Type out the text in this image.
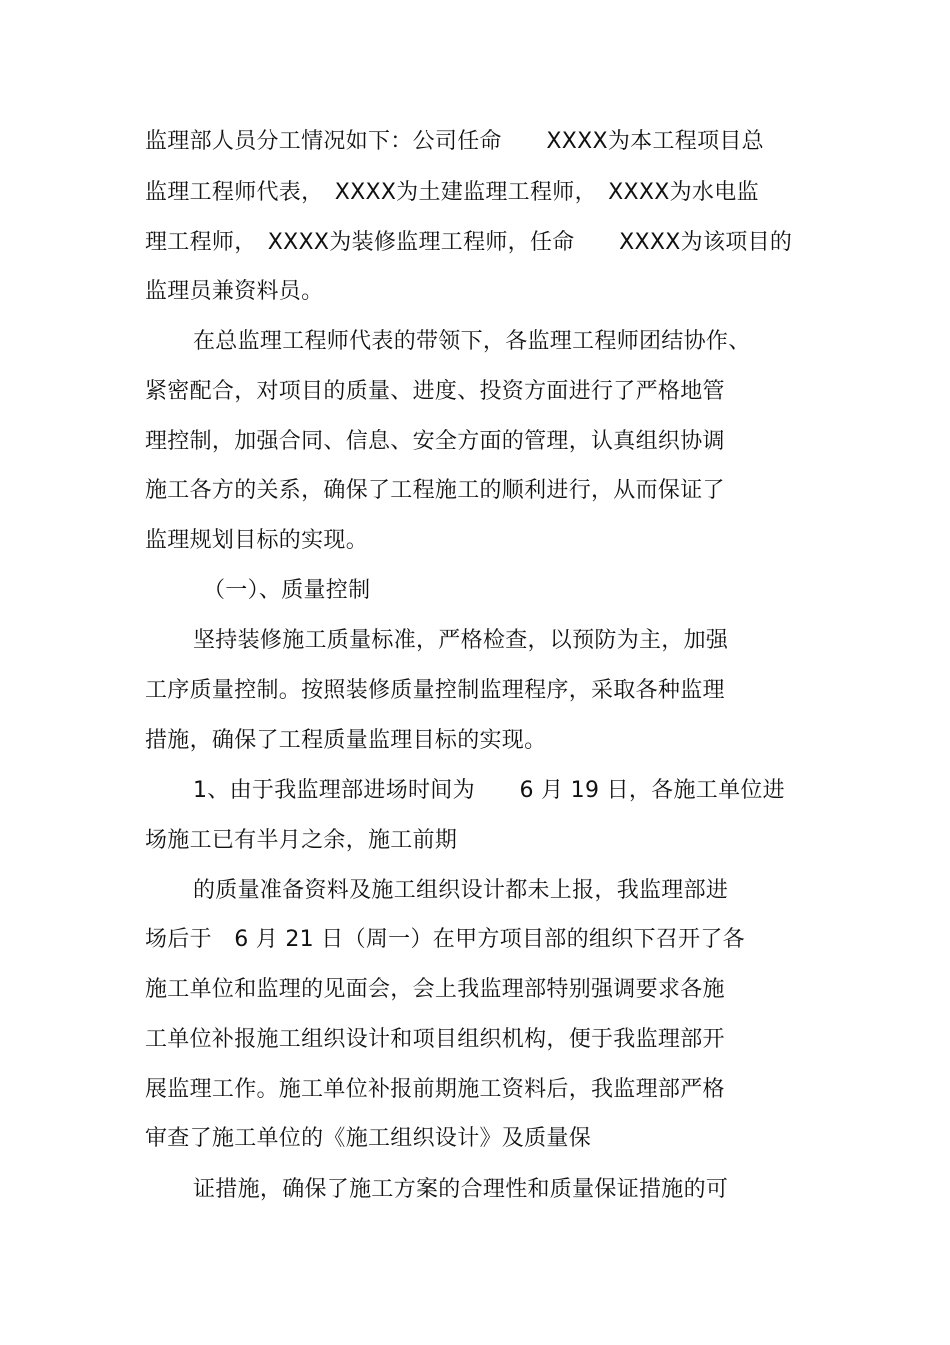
监理部人员分工情况如下：公司任命　　XXXX为本工程项目总
监理工程师代表，　XXXX为土建监理工程师，　XXXX为水电监
理工程师，　XXXX为装修监理工程师，任命　　XXXX为该项目的
监理员兼资料员。
在总监理工程师代表的带领下，各监理工程师团结协作、
紧密配合，对项目的质量、进度、投资方面进行了严格地管
理控制，加强合同、信息、安全方面的管理，认真组织协调
施工各方的关系，确保了工程施工的顺利进行，从而保证了
监理规划目标的实现。
（一）、质量控制
坚持装修施工质量标准，严格检查，以预防为主，加强
工序质量控制。按照装修质量控制监理程序，采取各种监理
措施，确保了工程质量监理目标的实现。
1、由于我监理部进场时间为　　6 月 19 日，各施工单位进
场施工已有半月之余，施工前期
的质量准备资料及施工组织设计都未上报，我监理部进
场后于　6 月 21 日（周一）在甲方项目部的组织下召开了各
施工单位和监理的见面会，会上我监理部特别强调要求各施
工单位补报施工组织设计和项目组织机构，便于我监理部开
展监理工作。施工单位补报前期施工资料后，我监理部严格
审查了施工单位的《施工组织设计》及质量保
证措施，确保了施工方案的合理性和质量保证措施的可
